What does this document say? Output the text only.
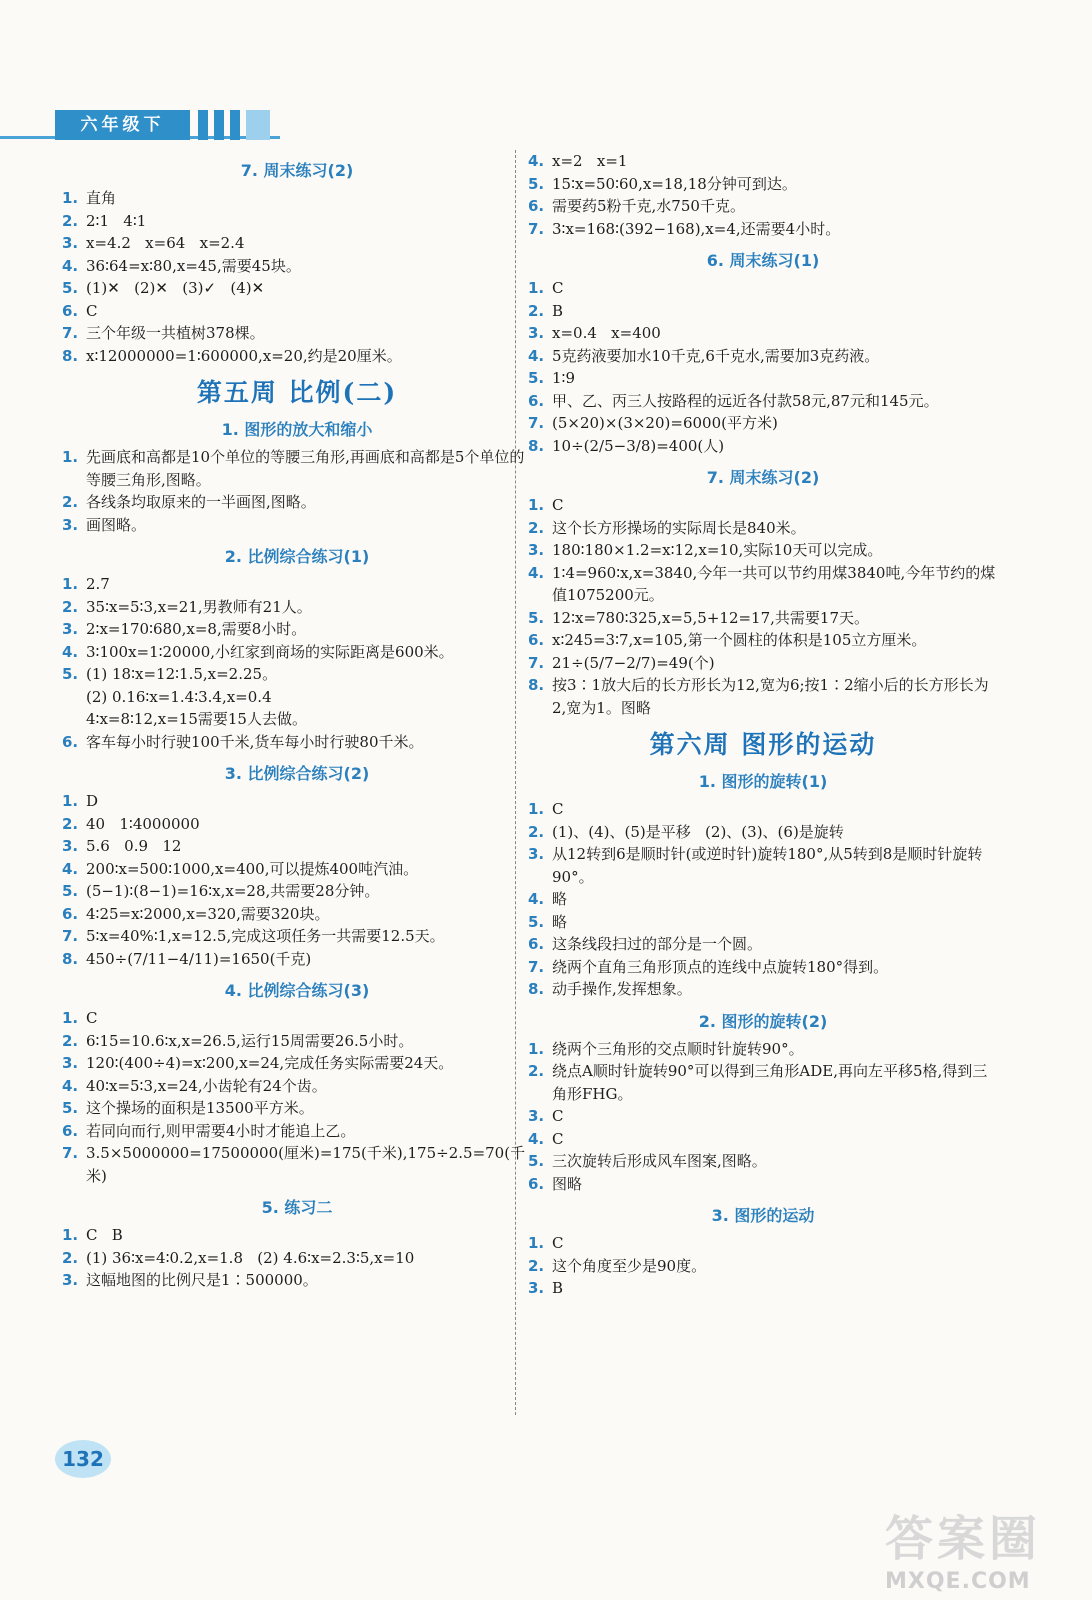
六年级下
7. 周末练习(2)
1. 直角
2. 2∶1   4∶1
3. x=4.2   x=64   x=2.4
4. 36∶64=x∶80,x=45,需要45块。
5. (1)✕   (2)✕   (3)✓   (4)✕
6. C
7. 三个年级一共植树378棵。
8. x∶12000000=1∶600000,x=20,约是20厘米。
第五周 比例(二)
1. 图形的放大和缩小
1. 先画底和高都是10个单位的等腰三角形,再画底和高都是5个单位的等腰三角形,图略。
2. 各线条均取原来的一半画图,图略。
3. 画图略。
2. 比例综合练习(1)
1. 2.7
2. 35∶x=5∶3,x=21,男教师有21人。
3. 2∶x=170∶680,x=8,需要8小时。
4. 3∶100x=1∶20000,小红家到商场的实际距离是600米。
5. (1) 18∶x=12∶1.5,x=2.25。
(2) 0.16∶x=1.4∶3.4,x=0.4
4∶x=8∶12,x=15需要15人去做。
6. 客车每小时行驶100千米,货车每小时行驶80千米。
3. 比例综合练习(2)
1. D
2. 40   1∶4000000
3. 5.6   0.9   12
4. 200∶x=500∶1000,x=400,可以提炼400吨汽油。
5. (5−1)∶(8−1)=16∶x,x=28,共需要28分钟。
6. 4∶25=x∶2000,x=320,需要320块。
7. 5∶x=40%∶1,x=12.5,完成这项任务一共需要12.5天。
8. 450÷(7/11−4/11)=1650(千克)
4. 比例综合练习(3)
1. C
2. 6∶15=10.6∶x,x=26.5,运行15周需要26.5小时。
3. 120∶(400÷4)=x∶200,x=24,完成任务实际需要24天。
4. 40∶x=5∶3,x=24,小齿轮有24个齿。
5. 这个操场的面积是13500平方米。
6. 若同向而行,则甲需要4小时才能追上乙。
7. 3.5×5000000=17500000(厘米)=175(千米),175÷2.5=70(千米)
5. 练习二
1. C   B
2. (1) 36∶x=4∶0.2,x=1.8   (2) 4.6∶x=2.3∶5,x=10
3. 这幅地图的比例尺是1∶500000。
4. x=2   x=1
5. 15∶x=50∶60,x=18,18分钟可到达。
6. 需要药5粉千克,水750千克。
7. 3∶x=168∶(392−168),x=4,还需要4小时。
6. 周末练习(1)
1. C
2. B
3. x=0.4   x=400
4. 5克药液要加水10千克,6千克水,需要加3克药液。
5. 1∶9
6. 甲、乙、丙三人按路程的远近各付款58元,87元和145元。
7. (5×20)×(3×20)=6000(平方米)
8. 10÷(2/5−3/8)=400(人)
7. 周末练习(2)
1. C
2. 这个长方形操场的实际周长是840米。
3. 180∶180×1.2=x∶12,x=10,实际10天可以完成。
4. 1∶4=960∶x,x=3840,今年一共可以节约用煤3840吨,今年节约的煤值1075200元。
5. 12∶x=780∶325,x=5,5+12=17,共需要17天。
6. x∶245=3∶7,x=105,第一个圆柱的体积是105立方厘米。
7. 21÷(5/7−2/7)=49(个)
8. 按3∶1放大后的长方形长为12,宽为6;按1∶2缩小后的长方形长为2,宽为1。图略
第六周 图形的运动
1. 图形的旋转(1)
1. C
2. (1)、(4)、(5)是平移   (2)、(3)、(6)是旋转
3. 从12转到6是顺时针(或逆时针)旋转180°,从5转到8是顺时针旋转90°。
4. 略
5. 略
6. 这条线段扫过的部分是一个圆。
7. 绕两个直角三角形顶点的连线中点旋转180°得到。
8. 动手操作,发挥想象。
2. 图形的旋转(2)
1. 绕两个三角形的交点顺时针旋转90°。
2. 绕点A顺时针旋转90°可以得到三角形ADE,再向左平移5格,得到三角形FHG。
3. C
4. C
5. 三次旋转后形成风车图案,图略。
6. 图略
3. 图形的运动
1. C
2. 这个角度至少是90度。
3. B
132
答案圈
MXQE.COM
